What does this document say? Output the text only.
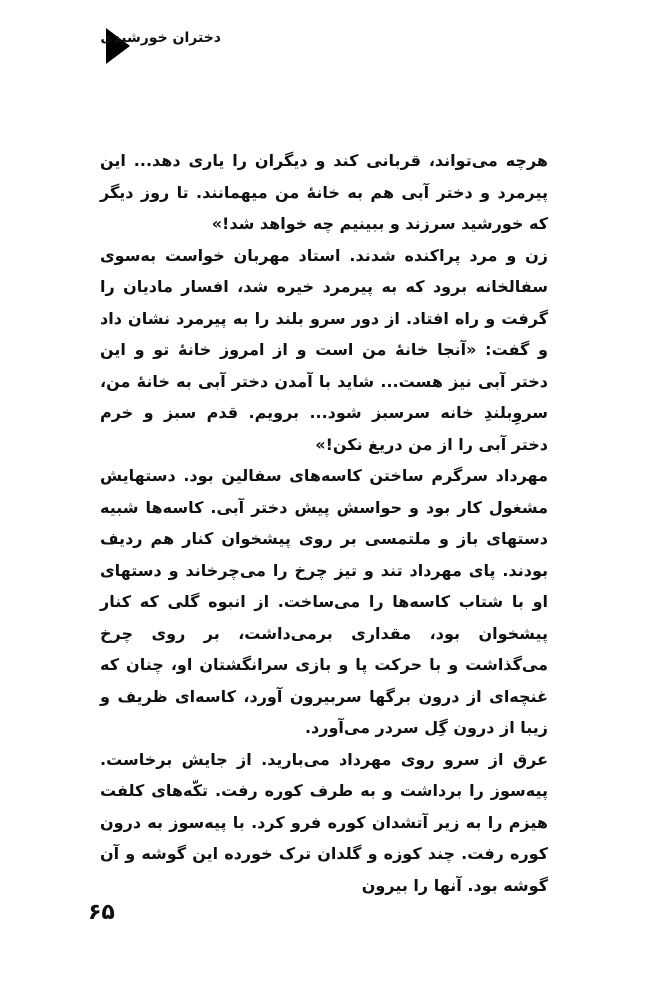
دختران خورشیدی

هرچه می‌تواند، قربانی کند و دیگران را یاری دهد... این پیرمرد و دختر آبی هم به خانهٔ من میهمانند. تا روز دیگر که خورشید سرزند و ببینیم چه خواهد شد!»

زن و مرد پراکنده شدند. استاد مهربان خواست به‌سوی سفالخانه برود که به پیرمرد خیره شد، افسار مادیان را گرفت و راه افتاد. از دور سرو بلند را به پیرمرد نشان داد و گفت: «آنجا خانهٔ من است و از امروز خانهٔ تو و این دختر آبی نیز هست... شاید با آمدن دختر آبی به خانهٔ من، سروِبلندِ خانه سرسبز شود... برویم. قدم سبز و خرم دختر آبی را از من دریغ نکن!»

مهرداد سرگرم ساختن کاسه‌های سفالین بود. دستهایش مشغول کار بود و حواسش پیش دختر آبی. کاسه‌ها شبیه دستهای باز و ملتمسی بر روی پیشخوان کنار هم ردیف بودند. پای مهرداد تند و تیز چرخ را می‌چرخاند و دستهای او با شتاب کاسه‌ها را می‌ساخت. از انبوه گلی که کنار پیشخوان بود، مقداری برمی‌داشت، بر روی چرخ می‌گذاشت و با حرکت پا و بازی سرانگشتان او، چنان که غنچه‌ای از درون برگها سربیرون آورد، کاسه‌ای ظریف و زیبا از درون گِل سردر می‌آورد.

عرق از سرو روی مهرداد می‌بارید. از جایش برخاست. پیه‌سوز را برداشت و به طرف کوره رفت. تکّه‌های کلفت هیزم را به زیر آتشدان کوره فرو کرد. با پیه‌سوز به درون کوره رفت. چند کوزه و گلدان ترک خورده این گوشه و آن گوشه بود. آنها را بیرون

۶۵
